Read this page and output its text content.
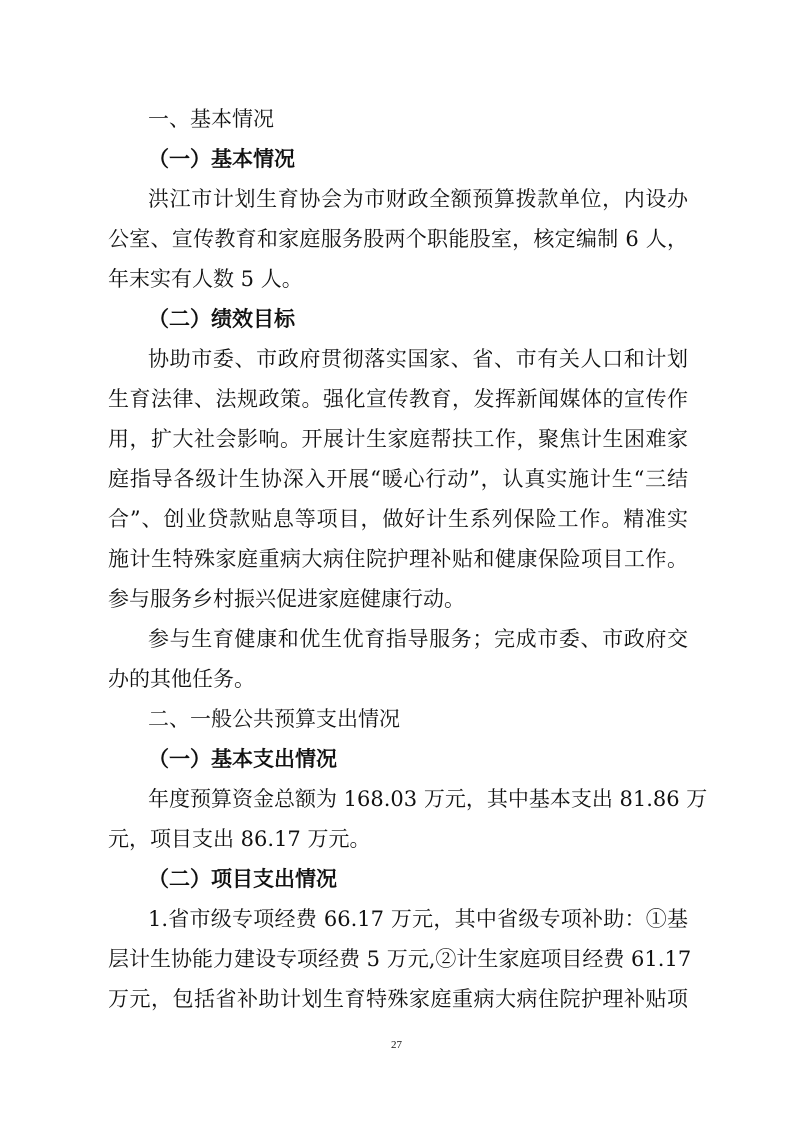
一、基本情况
（一）基本情况
洪江市计划生育协会为市财政全额预算拨款单位，内设办
公室、宣传教育和家庭服务股两个职能股室，核定编制 6 人，
年末实有人数 5 人。
（二）绩效目标
协助市委、市政府贯彻落实国家、省、市有关人口和计划
生育法律、法规政策。强化宣传教育，发挥新闻媒体的宣传作
用，扩大社会影响。开展计生家庭帮扶工作，聚焦计生困难家
庭指导各级计生协深入开展“暖心行动”，认真实施计生“三结
合”、创业贷款贴息等项目，做好计生系列保险工作。精准实
施计生特殊家庭重病大病住院护理补贴和健康保险项目工作。
参与服务乡村振兴促进家庭健康行动。
参与生育健康和优生优育指导服务；完成市委、市政府交
办的其他任务。
二、一般公共预算支出情况
（一）基本支出情况
年度预算资金总额为 168.03 万元，其中基本支出 81.86 万
元，项目支出 86.17 万元。
（二）项目支出情况
1.省市级专项经费 66.17 万元，其中省级专项补助：①基
层计生协能力建设专项经费 5 万元,②计生家庭项目经费 61.17
万元，包括省补助计划生育特殊家庭重病大病住院护理补贴项
27
